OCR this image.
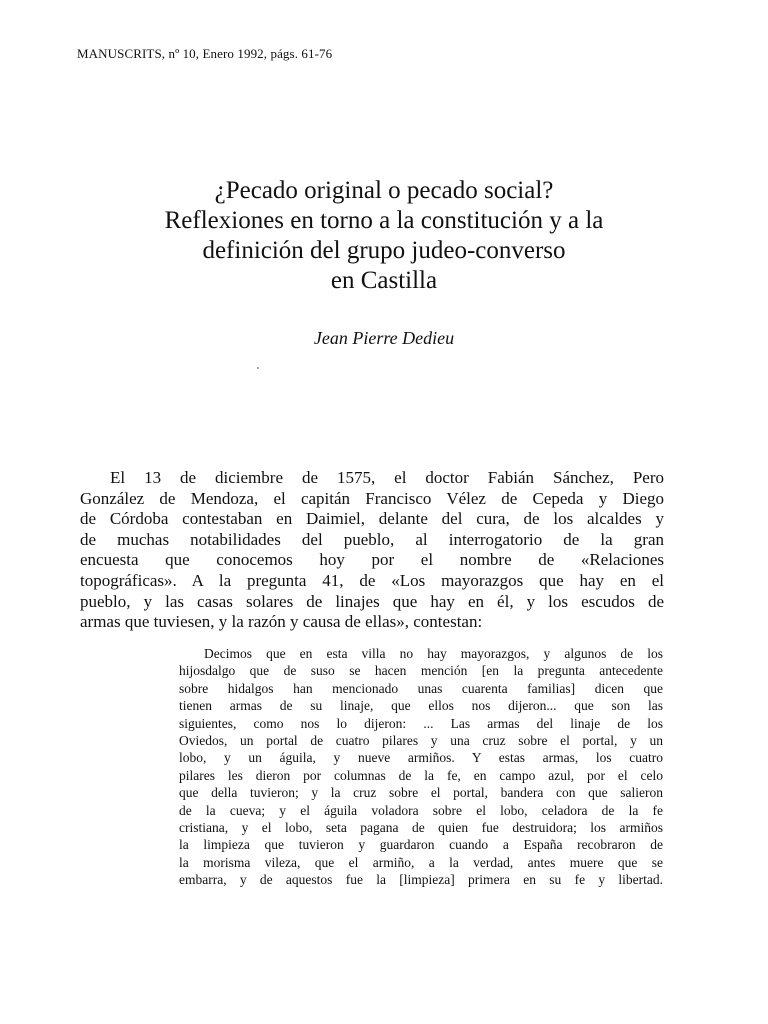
MANUSCRITS, nº 10, Enero 1992, págs. 61-76
¿Pecado original o pecado social?
Reflexiones en torno a la constitución y a la
definición del grupo judeo-converso
en Castilla
Jean Pierre Dedieu
El 13 de diciembre de 1575, el doctor Fabián Sánchez, Pero
González de Mendoza, el capitán Francisco Vélez de Cepeda y Diego
de Córdoba contestaban en Daimiel, delante del cura, de los alcaldes y
de muchas notabilidades del pueblo, al interrogatorio de la gran
encuesta que conocemos hoy por el nombre de «Relaciones
topográficas». A la pregunta 41, de «Los mayorazgos que hay en el
pueblo, y las casas solares de linajes que hay en él, y los escudos de
armas que tuviesen, y la razón y causa de ellas», contestan:
Decimos que en esta villa no hay mayorazgos, y algunos de los
hijosdalgo que de suso se hacen mención [en la pregunta antecedente
sobre hidalgos han mencionado unas cuarenta familias] dicen que
tienen armas de su linaje, que ellos nos dijeron... que son las
siguientes, como nos lo dijeron: ... Las armas del linaje de los
Oviedos, un portal de cuatro pilares y una cruz sobre el portal, y un
lobo, y un águila, y nueve armiños. Y estas armas, los cuatro
pilares les dieron por columnas de la fe, en campo azul, por el celo
que della tuvieron; y la cruz sobre el portal, bandera con que salieron
de la cueva; y el águila voladora sobre el lobo, celadora de la fe
cristiana, y el lobo, seta pagana de quien fue destruidora; los armiños
la limpieza que tuvieron y guardaron cuando a España recobraron de
la morisma vileza, que el armiño, a la verdad, antes muere que se
embarra, y de aquestos fue la [limpieza] primera en su fe y libertad.
